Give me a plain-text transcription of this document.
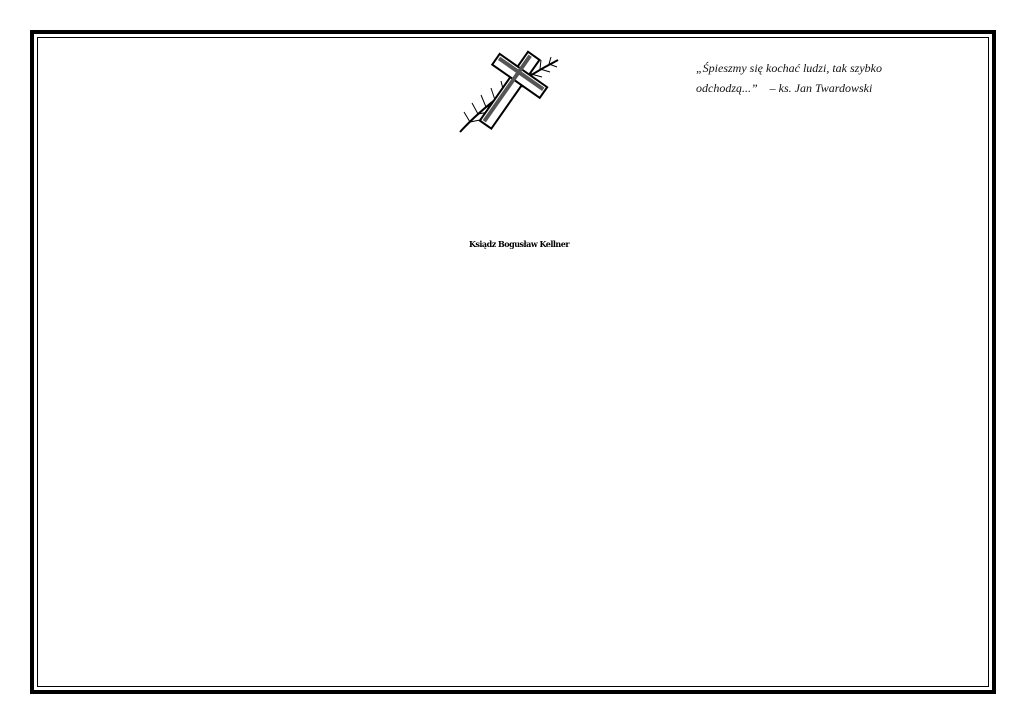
„Śpieszmy się kochać ludzi, tak szybko
odchodzą...”    – ks. Jan Twardowski
Ksiądz Bogusław Kellner
